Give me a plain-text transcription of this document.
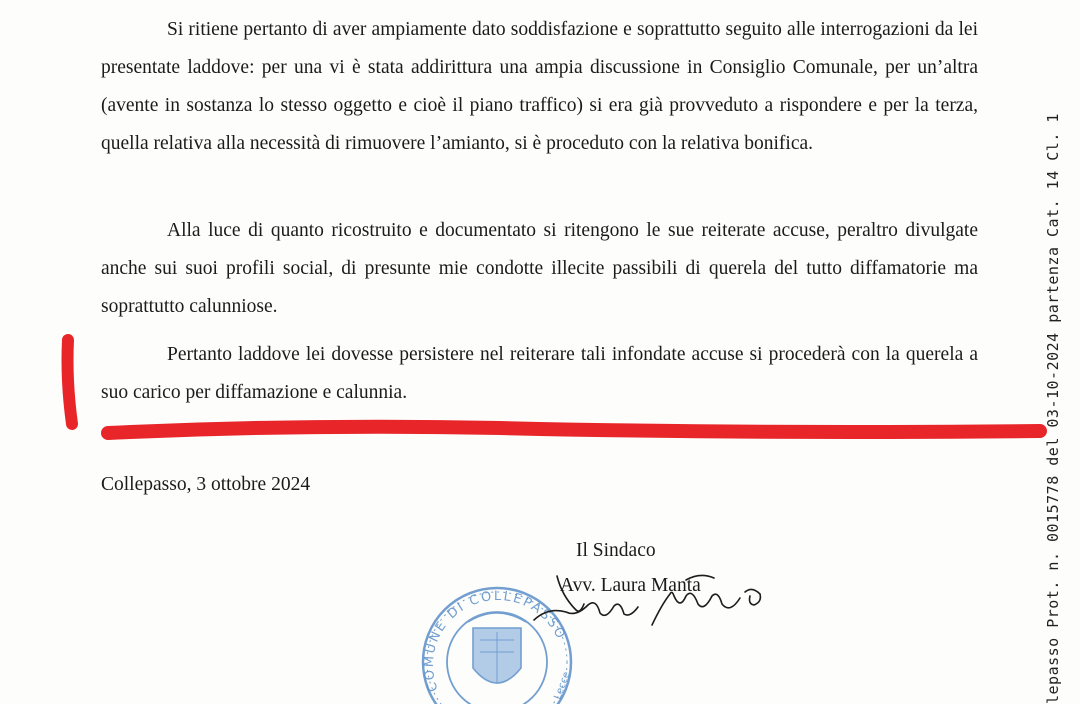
Si ritiene pertanto di aver ampiamente dato soddisfazione e soprattutto seguito alle interrogazioni da lei presentate laddove: per una vi è stata addirittura una ampia discussione in Consiglio Comunale, per un’altra (avente in sostanza lo stesso oggetto e cioè il piano traffico) si era già provveduto a rispondere e per la terza, quella relativa alla necessità di rimuovere l’amianto, si è proceduto con la relativa bonifica.

Alla luce di quanto ricostruito e documentato si ritengono le sue reiterate accuse, peraltro divulgate anche sui suoi profili social, di presunte mie condotte illecite passibili di querela del tutto diffamatorie ma soprattutto calunniose.

Pertanto laddove lei dovesse persistere nel reiterare tali infondate accuse si procederà con la querela a suo carico per diffamazione e calunnia.

Collepasso, 3 ottobre 2024
COMUNE DI COLLEPASSO
Lecce
Il Sindaco
Avv. Laura Manta	lepasso Prot. n. 0015778 del 03-10-2024 partenza Cat. 14 Cl. 1
